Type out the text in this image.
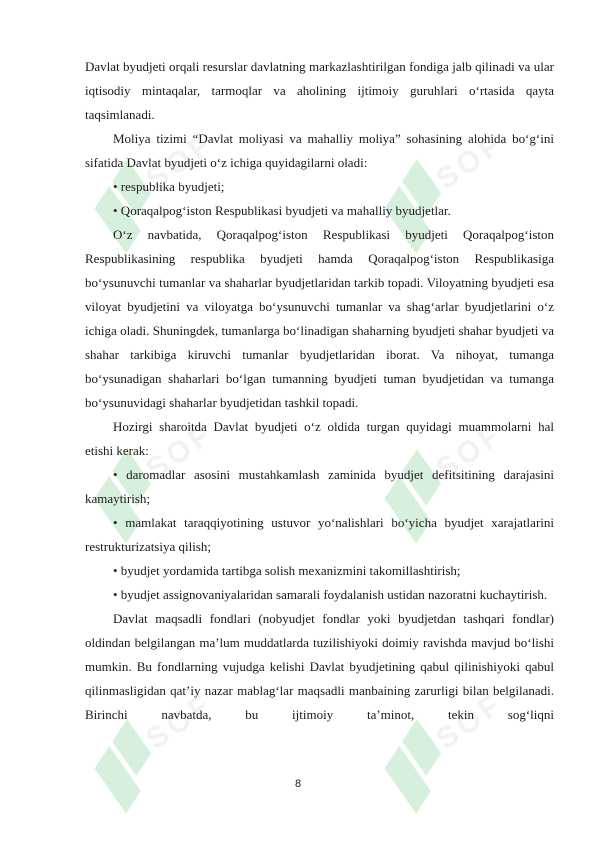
SOFT	SOFT
SOFT	SOFT
SOFT	SOFT

Davlat byudjeti orqali resurslar davlatning markazlashtirilgan fondiga jalb qilinadi va ular iqtisodiy mintaqalar, tarmoqlar va aholining ijtimoiy guruhlari o‘rtasida qayta taqsimlanadi.

Moliya tizimi “Davlat moliyasi va mahalliy moliya” sohasining alohida bo‘g‘ini sifatida Davlat byudjeti o‘z ichiga quyidagilarni oladi:

• respublika byudjeti;

• Qoraqalpog‘iston Respublikasi byudjeti va mahalliy byudjetlar.

O‘z navbatida, Qoraqalpog‘iston Respublikasi byudjeti Qoraqalpog‘iston Respublikasining respublika byudjeti hamda Qoraqalpog‘iston Respublikasiga bo‘ysunuvchi tumanlar va shaharlar byudjetlaridan tarkib topadi. Viloyatning byudjeti esa viloyat byudjetini va viloyatga bo‘ysunuvchi tumanlar va shag‘arlar byudjetlarini o‘z ichiga oladi. Shuningdek, tumanlarga bo‘linadigan shaharning byudjeti shahar byudjeti va shahar tarkibiga kiruvchi tumanlar byudjetlaridan iborat. Va nihoyat, tumanga bo‘ysunadigan shaharlari bo‘lgan tumanning byudjeti tuman byudjetidan va tumanga bo‘ysunuvidagi shaharlar byudjetidan tashkil topadi.

Hozirgi sharoitda Davlat byudjeti o‘z oldida turgan quyidagi muammolarni hal etishi kerak:

• daromadlar asosini mustahkamlash zaminida byudjet defitsitining darajasini kamaytirish;

• mamlakat taraqqiyotining ustuvor yo‘nalishlari bo‘yicha byudjet xarajatlarini restrukturizatsiya qilish;

• byudjet yordamida tartibga solish mexanizmini takomillashtirish;

• byudjet assignovaniyalaridan samarali foydalanish ustidan nazoratni kuchaytirish.

Davlat maqsadli fondlari (nobyudjet fondlar yoki byudjetdan tashqari fondlar) oldindan belgilangan ma’lum muddatlarda tuzilishiyoki doimiy ravishda mavjud bo‘lishi mumkin. Bu fondlarning vujudga kelishi Davlat byudjetining qabul qilinishiyoki qabul qilinmasligidan qat’iy nazar mablag‘lar maqsadli manbaining zarurligi bilan belgilanadi. Birinchi navbatda, bu ijtimoiy ta’minot, tekin sog‘liqni

8
